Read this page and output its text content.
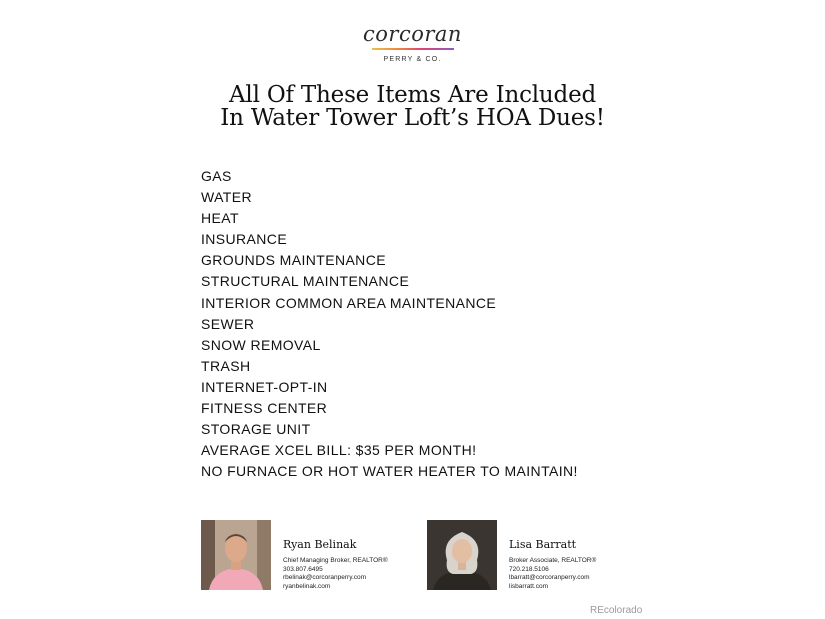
corcoran
PERRY & CO.
All Of These Items Are Included
In Water Tower Loft’s HOA Dues!
GAS
WATER
HEAT
INSURANCE
GROUNDS MAINTENANCE
STRUCTURAL MAINTENANCE
INTERIOR COMMON AREA MAINTENANCE
SEWER
SNOW REMOVAL
TRASH
INTERNET-OPT-IN
FITNESS CENTER
STORAGE UNIT
AVERAGE XCEL BILL: $35 PER MONTH!
NO FURNACE OR HOT WATER HEATER TO MAINTAIN!
Ryan Belinak
Chief Managing Broker, REALTOR®
303.807.6495
rbelinak@corcoranperry.com
ryanbelinak.com
Lisa Barratt
Broker Associate, REALTOR®
720.218.5106
lbarratt@corcoranperry.com
lisbarratt.com
REcolorado
